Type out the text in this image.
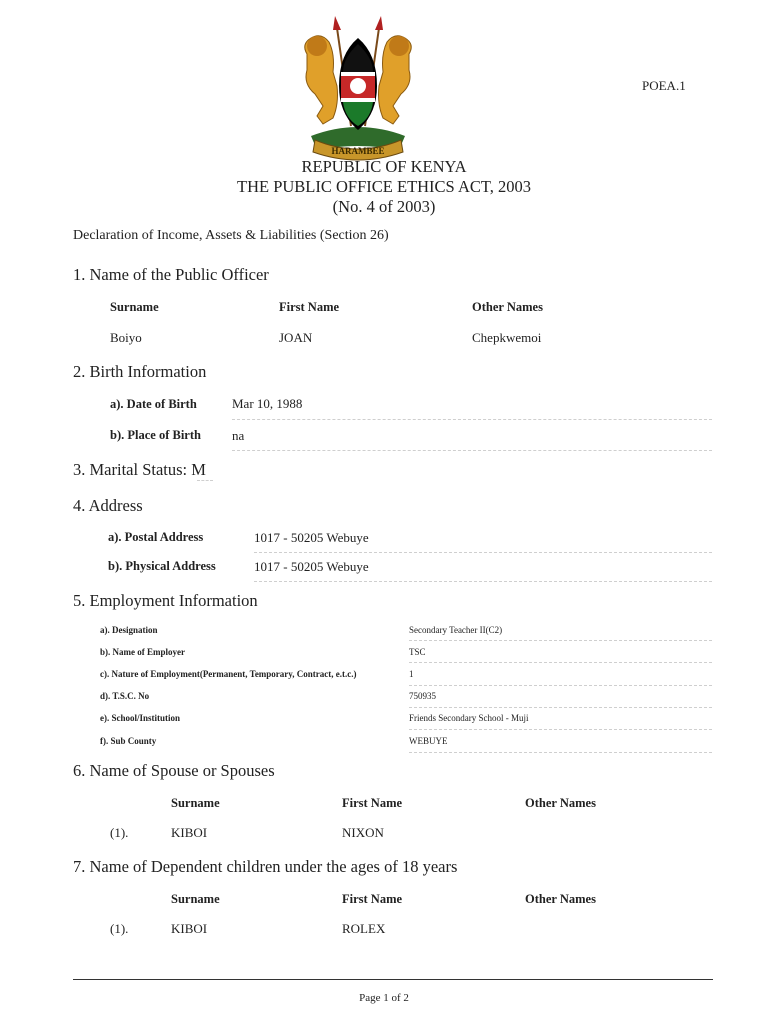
HARAMBEE
POEA.1
REPUBLIC OF KENYA
THE PUBLIC OFFICE ETHICS ACT, 2003
(No. 4 of 2003)
Declaration of Income, Assets & Liabilities (Section 26)
1. Name of the Public Officer
Surname	First Name	Other Names
Boiyo	JOAN	Chepkwemoi
2. Birth Information
a). Date of Birth	Mar 10, 1988
b). Place of Birth na
3. Marital Status: M
4. Address
a). Postal Address	1017 - 50205 Webuye
b). Physical Address	1017 - 50205 Webuye
5. Employment Information
a). Designation	Secondary Teacher II(C2)
b). Name of Employer	TSC
c). Nature of Employment(Permanent, Temporary, Contract, e.t.c.)	1
d). T.S.C. No	750935
e). School/Institution	Friends Secondary School - Muji
f). Sub County	WEBUYE
6. Name of Spouse or Spouses
Surname	First Name	Other Names
(1).	KIBOI	NIXON
7. Name of Dependent children under the ages of 18 years
Surname	First Name	Other Names
(1).	KIBOI	ROLEX
Page 1 of 2
